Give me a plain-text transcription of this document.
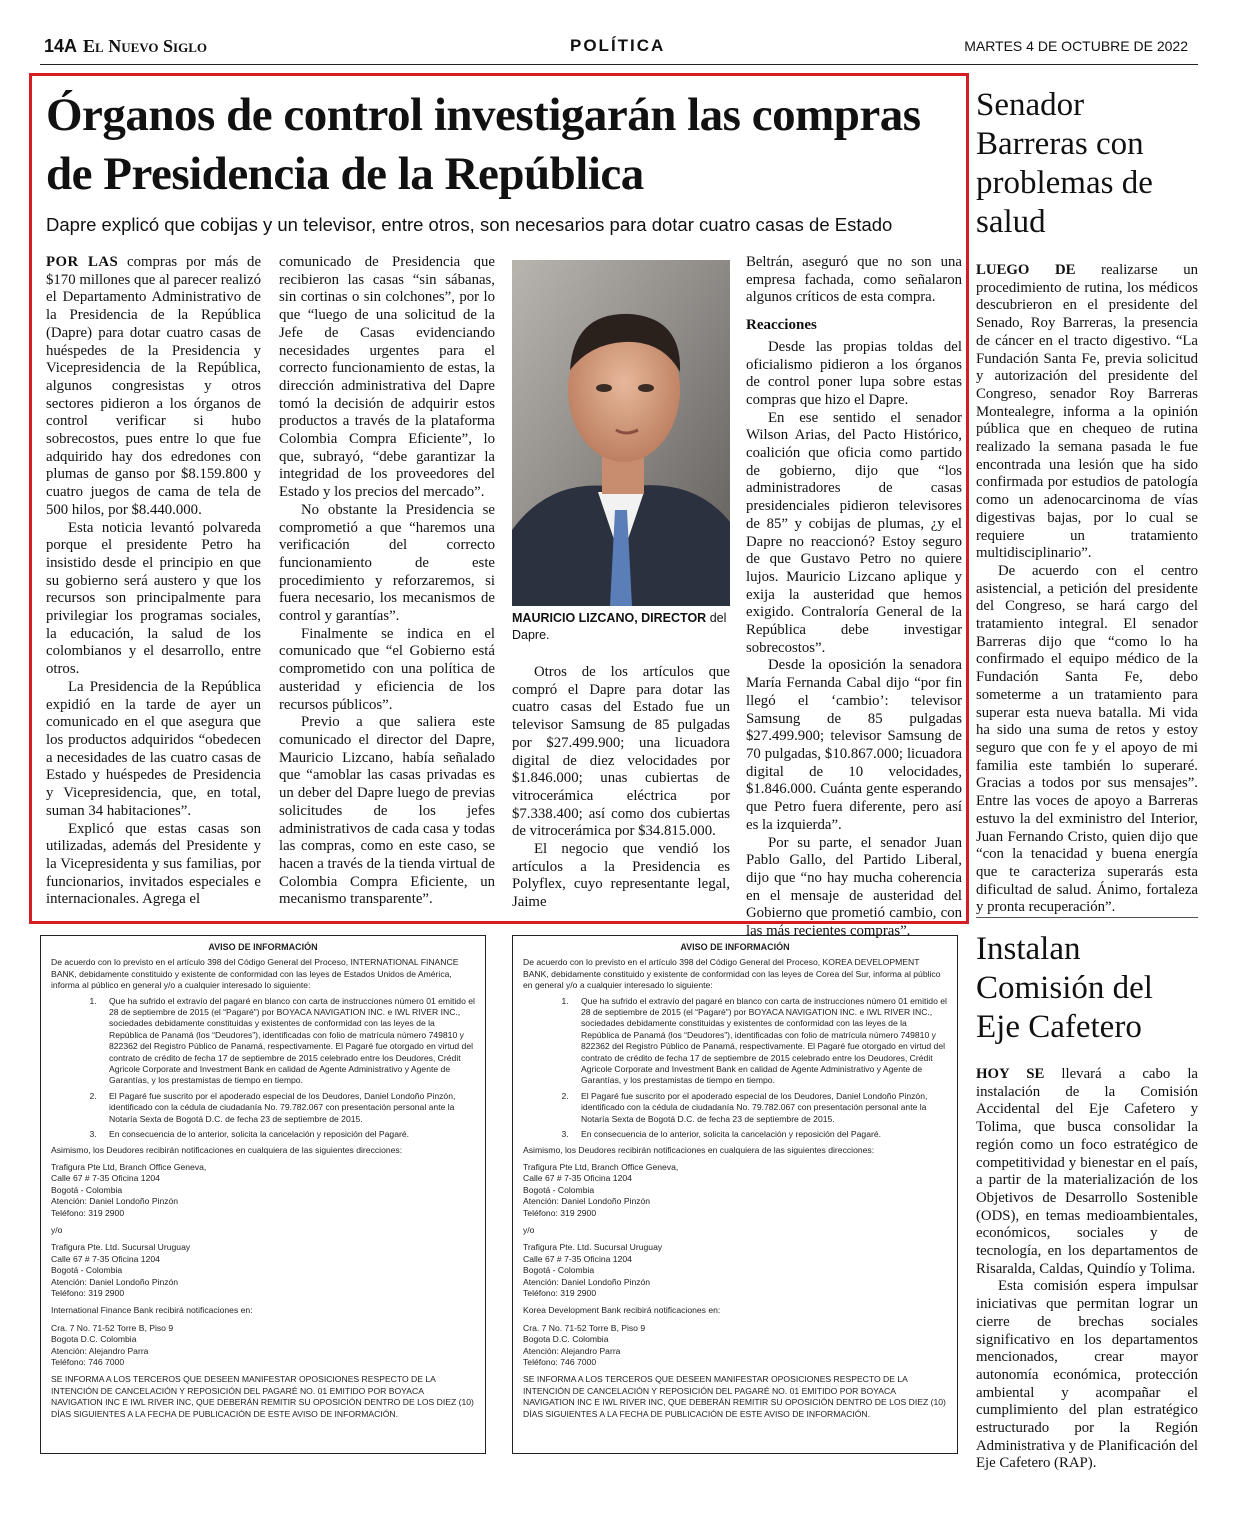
14A El Nuevo Siglo	POLÍTICA	MARTES 4 DE OCTUBRE DE 2022
Órganos de control investigarán las compras de Presidencia de la República
Dapre explicó que cobijas y un televisor, entre otros, son necesarios para dotar cuatro casas de Estado

POR LAS compras por más de $170 millones que al parecer realizó el Departamento Administrativo de la Presidencia de la República (Dapre) para dotar cuatro casas de huéspedes de la Presidencia y Vicepresidencia de la República, algunos congresistas y otros sectores pidieron a los órganos de control verificar si hubo sobrecostos, pues entre lo que fue adquirido hay dos edredones con plumas de ganso por $8.159.800 y cuatro juegos de cama de tela de 500 hilos, por $8.440.000.

Esta noticia levantó polvareda porque el presidente Petro ha insistido desde el principio en que su gobierno será austero y que los recursos son principalmente para privilegiar los programas sociales, la educación, la salud de los colombianos y el desarrollo, entre otros.

La Presidencia de la República expidió en la tarde de ayer un comunicado en el que asegura que los productos adquiridos “obedecen a necesidades de las cuatro casas de Estado y huéspedes de Presidencia y Vicepresidencia, que, en total, suman 34 habitaciones”.

Explicó que estas casas son utilizadas, además del Presidente y la Vicepresidenta y sus familias, por funcionarios, invitados especiales e internacionales. Agrega el

comunicado de Presidencia que recibieron las casas “sin sábanas, sin cortinas o sin colchones”, por lo que “luego de una solicitud de la Jefe de Casas evidenciando necesidades urgentes para el correcto funcionamiento de estas, la dirección administrativa del Dapre tomó la decisión de adquirir estos productos a través de la plataforma Colombia Compra Eficiente”, lo que, subrayó, “debe garantizar la integridad de los proveedores del Estado y los precios del mercado”.

No obstante la Presidencia se comprometió a que “haremos una verificación del correcto funcionamiento de este procedimiento y reforzaremos, si fuera necesario, los mecanismos de control y garantías”.

Finalmente se indica en el comunicado que “el Gobierno está comprometido con una política de austeridad y eficiencia de los recursos públicos”.

Previo a que saliera este comunicado el director del Dapre, Mauricio Lizcano, había señalado que “amoblar las casas privadas es un deber del Dapre luego de previas solicitudes de los jefes administrativos de cada casa y todas las compras, como en este caso, se hacen a través de la tienda virtual de Colombia Compra Eficiente, un mecanismo transparente”.

MAURICIO LIZCANO, DIRECTOR del Dapre.

Otros de los artículos que compró el Dapre para dotar las cuatro casas del Estado fue un televisor Samsung de 85 pulgadas por $27.499.900; una licuadora digital de diez velocidades por $1.846.000; unas cubiertas de vitrocerámica eléctrica por $7.338.400; así como dos cubiertas de vitrocerámica por $34.815.000.

El negocio que vendió los artículos a la Presidencia es Polyflex, cuyo representante legal, Jaime

Beltrán, aseguró que no son una empresa fachada, como señalaron algunos críticos de esta compra.

Reacciones

Desde las propias toldas del oficialismo pidieron a los órganos de control poner lupa sobre estas compras que hizo el Dapre.

En ese sentido el senador Wilson Arias, del Pacto Histórico, coalición que oficia como partido de gobierno, dijo que “los administradores de casas presidenciales pidieron televisores de 85” y cobijas de plumas, ¿y el Dapre no reaccionó? Estoy seguro de que Gustavo Petro no quiere lujos. Mauricio Lizcano aplique y exija la austeridad que hemos exigido. Contraloría General de la República debe investigar sobrecostos”.

Desde la oposición la senadora María Fernanda Cabal dijo “por fin llegó el ‘cambio’: televisor Samsung de 85 pulgadas $27.499.900; televisor Samsung de 70 pulgadas, $10.867.000; licuadora digital de 10 velocidades, $1.846.000. Cuánta gente esperando que Petro fuera diferente, pero así es la izquierda”.

Por su parte, el senador Juan Pablo Gallo, del Partido Liberal, dijo que “no hay mucha coherencia en el mensaje de austeridad del Gobierno que prometió cambio, con las más recientes compras”.

Senador Barreras con problemas de salud

LUEGO DE realizarse un procedimiento de rutina, los médicos descubrieron en el presidente del Senado, Roy Barreras, la presencia de cáncer en el tracto digestivo. “La Fundación Santa Fe, previa solicitud y autorización del presidente del Congreso, senador Roy Barreras Montealegre, informa a la opinión pública que en chequeo de rutina realizado la semana pasada le fue encontrada una lesión que ha sido confirmada por estudios de patología como un adenocarcinoma de vías digestivas bajas, por lo cual se requiere un tratamiento multidisciplinario”.

De acuerdo con el centro asistencial, a petición del presidente del Congreso, se hará cargo del tratamiento integral. El senador Barreras dijo que “como lo ha confirmado el equipo médico de la Fundación Santa Fe, debo someterme a un tratamiento para superar esta nueva batalla. Mi vida ha sido una suma de retos y estoy seguro que con fe y el apoyo de mi familia este también lo superaré. Gracias a todos por sus mensajes”. Entre las voces de apoyo a Barreras estuvo la del exministro del Interior, Juan Fernando Cristo, quien dijo que “con la tenacidad y buena energía que te caracteriza superarás esta dificultad de salud. Ánimo, fortaleza y pronta recuperación”.

Instalan Comisión del Eje Cafetero

HOY SE llevará a cabo la instalación de la Comisión Accidental del Eje Cafetero y Tolima, que busca consolidar la región como un foco estratégico de competitividad y bienestar en el país, a partir de la materialización de los Objetivos de Desarrollo Sostenible (ODS), en temas medioambientales, económicos, sociales y de tecnología, en los departamentos de Risaralda, Caldas, Quindío y Tolima.

Esta comisión espera impulsar iniciativas que permitan lograr un cierre de brechas sociales significativo en los departamentos mencionados, crear mayor autonomía económica, protección ambiental y acompañar el cumplimiento del plan estratégico estructurado por la Región Administrativa y de Planificación del Eje Cafetero (RAP).

AVISO DE INFORMACIÓN

De acuerdo con lo previsto en el artículo 398 del Código General del Proceso, INTERNATIONAL FINANCE BANK, debidamente constituido y existente de conformidad con las leyes de Estados Unidos de América, informa al público en general y/o a cualquier interesado lo siguiente:

1. Que ha sufrido el extravío del pagaré en blanco con carta de instrucciones número 01 emitido el 28 de septiembre de 2015 (el “Pagaré”) por BOYACA NAVIGATION INC. e IWL RIVER INC., sociedades debidamente constituidas y existentes de conformidad con las leyes de la República de Panamá (los “Deudores”), identificadas con folio de matrícula número 749810 y 822362 del Registro Público de Panamá, respectivamente. El Pagaré fue otorgado en virtud del contrato de crédito de fecha 17 de septiembre de 2015 celebrado entre los Deudores, Crédit Agricole Corporate and Investment Bank en calidad de Agente Administrativo y Agente de Garantías, y los prestamistas de tiempo en tiempo.
2. El Pagaré fue suscrito por el apoderado especial de los Deudores, Daniel Londoño Pinzón, identificado con la cédula de ciudadanía No. 79.782.067 con presentación personal ante la Notaría Sexta de Bogotá D.C. de fecha 23 de septiembre de 2015.
3. En consecuencia de lo anterior, solicita la cancelación y reposición del Pagaré.

Asimismo, los Deudores recibirán notificaciones en cualquiera de las siguientes direcciones:

Trafigura Pte Ltd, Branch Office Geneva,
Calle 67 # 7-35 Oficina 1204
Bogotá - Colombia
Atención: Daniel Londoño Pinzón
Teléfono: 319 2900

y/o

Trafigura Pte. Ltd. Sucursal Uruguay
Calle 67 # 7-35 Oficina 1204
Bogotá - Colombia
Atención: Daniel Londoño Pinzón
Teléfono: 319 2900

International Finance Bank recibirá notificaciones en:

Cra. 7 No. 71-52 Torre B, Piso 9
Bogota D.C. Colombia
Atención: Alejandro Parra
Teléfono: 746 7000

SE INFORMA A LOS TERCEROS QUE DESEEN MANIFESTAR OPOSICIONES RESPECTO DE LA INTENCIÓN DE CANCELACIÓN Y REPOSICIÓN DEL PAGARÉ NO. 01 EMITIDO POR BOYACA NAVIGATION INC E IWL RIVER INC, QUE DEBERÁN REMITIR SU OPOSICIÓN DENTRO DE LOS DIEZ (10) DÍAS SIGUIENTES A LA FECHA DE PUBLICACIÓN DE ESTE AVISO DE INFORMACIÓN.

AVISO DE INFORMACIÓN

De acuerdo con lo previsto en el artículo 398 del Código General del Proceso, KOREA DEVELOPMENT BANK, debidamente constituido y existente de conformidad con las leyes de Corea del Sur, informa al público en general y/o a cualquier interesado lo siguiente:

1. Que ha sufrido el extravío del pagaré en blanco con carta de instrucciones número 01 emitido el 28 de septiembre de 2015 (el “Pagaré”) por BOYACA NAVIGATION INC. e IWL RIVER INC., sociedades debidamente constituidas y existentes de conformidad con las leyes de la República de Panamá (los “Deudores”), identificadas con folio de matrícula número 749810 y 822362 del Registro Público de Panamá, respectivamente. El Pagaré fue otorgado en virtud del contrato de crédito de fecha 17 de septiembre de 2015 celebrado entre los Deudores, Crédit Agricole Corporate and Investment Bank en calidad de Agente Administrativo y Agente de Garantías, y los prestamistas de tiempo en tiempo.
2. El Pagaré fue suscrito por el apoderado especial de los Deudores, Daniel Londoño Pinzón, identificado con la cédula de ciudadanía No. 79.782.067 con presentación personal ante la Notaría Sexta de Bogotá D.C. de fecha 23 de septiembre de 2015.
3. En consecuencia de lo anterior, solicita la cancelación y reposición del Pagaré.

Asimismo, los Deudores recibirán notificaciones en cualquiera de las siguientes direcciones:

Trafigura Pte Ltd, Branch Office Geneva,
Calle 67 # 7-35 Oficina 1204
Bogotá - Colombia
Atención: Daniel Londoño Pinzón
Teléfono: 319 2900

y/o

Trafigura Pte. Ltd. Sucursal Uruguay
Calle 67 # 7-35 Oficina 1204
Bogotá - Colombia
Atención: Daniel Londoño Pinzón
Teléfono: 319 2900

Korea Development Bank recibirá notificaciones en:

Cra. 7 No. 71-52 Torre B, Piso 9
Bogota D.C. Colombia
Atención: Alejandro Parra
Teléfono: 746 7000

SE INFORMA A LOS TERCEROS QUE DESEEN MANIFESTAR OPOSICIONES RESPECTO DE LA INTENCIÓN DE CANCELACIÓN Y REPOSICIÓN DEL PAGARÉ NO. 01 EMITIDO POR BOYACA NAVIGATION INC E IWL RIVER INC, QUE DEBERÁN REMITIR SU OPOSICIÓN DENTRO DE LOS DIEZ (10) DÍAS SIGUIENTES A LA FECHA DE PUBLICACIÓN DE ESTE AVISO DE INFORMACIÓN.
